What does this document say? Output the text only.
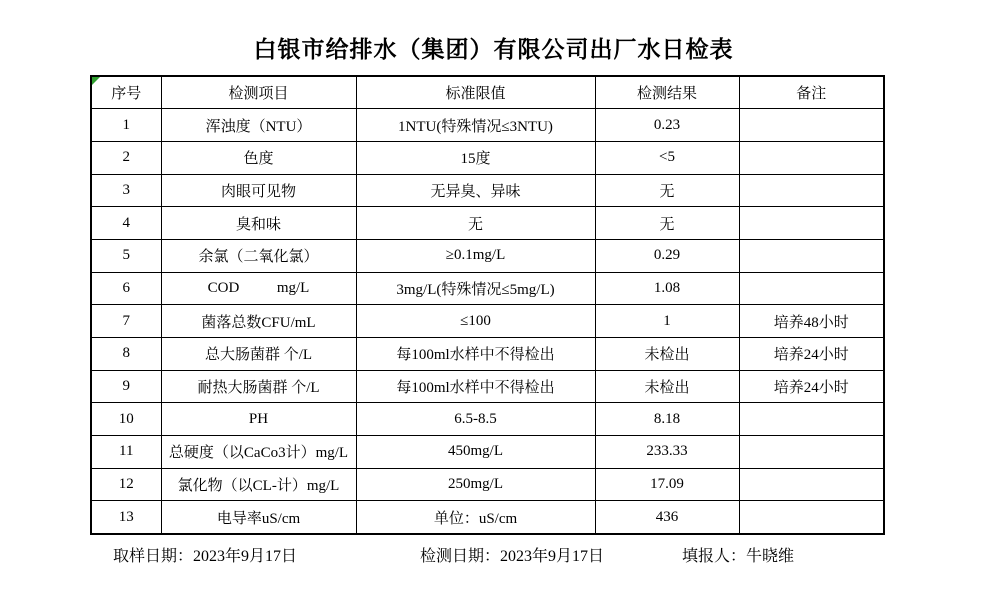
白银市给排水（集团）有限公司出厂水日检表
序号	检测项目	标准限值	检测结果	备注
1	浑浊度（NTU）	1NTU(特殊情况≤3NTU)	0.23	
2	色度	15度	<5	
3	肉眼可见物	无异臭、异味	无	
4	臭和味	无	无	
5	余氯（二氧化氯）	≥0.1mg/L	0.29	
6	COD          mg/L	3mg/L(特殊情况≤5mg/L)	1.08	
7	菌落总数CFU/mL	≤100	1	培养48小时
8	总大肠菌群 个/L	每100ml水样中不得检出	未检出	培养24小时
9	耐热大肠菌群 个/L	每100ml水样中不得检出	未检出	培养24小时
10	PH	6.5-8.5	8.18	
11	总硬度（以CaCo3计）mg/L	450mg/L	233.33	
12	氯化物（以CL-计）mg/L	250mg/L	17.09	
13	电导率uS/cm	单位：uS/cm	436	
取样日期：2023年9月17日	检测日期：2023年9月17日	填报人：牛晓维
